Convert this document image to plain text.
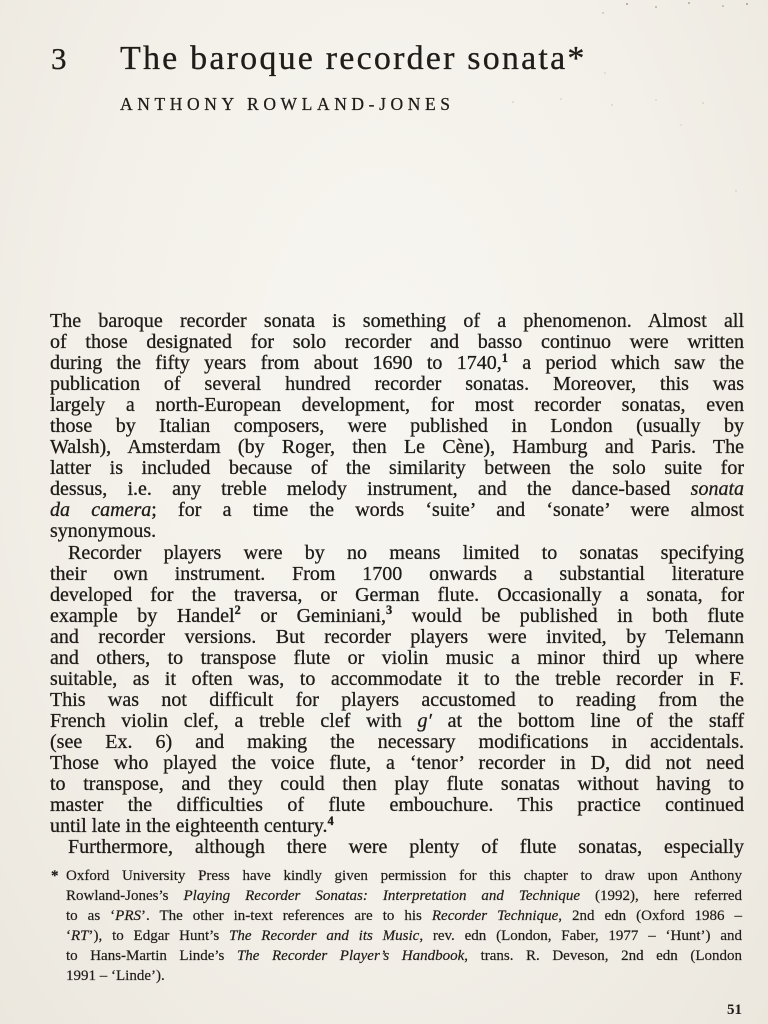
3 The baroque recorder sonata*
ANTHONY ROWLAND-JONES
The baroque recorder sonata is something of a phenomenon. Almost all
of those designated for solo recorder and basso continuo were written
during the fifty years from about 1690 to 1740,$^1$ a period which saw the
publication of several hundred recorder sonatas. Moreover, this was
largely a north-European development, for most recorder sonatas, even
those by Italian composers, were published in London (usually by
Walsh), Amsterdam (by Roger, then Le Cène), Hamburg and Paris. The
latter is included because of the similarity between the solo suite for
dessus, i.e. any treble melody instrument, and the dance-based sonata
da camera; for a time the words ‘suite’ and ‘sonate’ were almost
synonymous.
Recorder players were by no means limited to sonatas specifying
their own instrument. From 1700 onwards a substantial literature
developed for the traversa, or German flute. Occasionally a sonata, for
example by Handel$^2$ or Geminiani,$^3$ would be published in both flute
and recorder versions. But recorder players were invited, by Telemann
and others, to transpose flute or violin music a minor third up where
suitable, as it often was, to accommodate it to the treble recorder in F.
This was not difficult for players accustomed to reading from the
French violin clef, a treble clef with g′ at the bottom line of the staff
(see Ex. 6) and making the necessary modifications in accidentals.
Those who played the voice flute, a ‘tenor’ recorder in D, did not need
to transpose, and they could then play flute sonatas without having to
master the difficulties of flute embouchure. This practice continued
until late in the eighteenth century.$^4$
Furthermore, although there were plenty of flute sonatas, especially
* Oxford University Press have kindly given permission for this chapter to draw upon Anthony
Rowland-Jones’s Playing Recorder Sonatas: Interpretation and Technique (1992), here referred
to as ‘PRS’. The other in-text references are to his Recorder Technique, 2nd edn (Oxford 1986 –
‘RT’), to Edgar Hunt’s The Recorder and its Music, rev. edn (London, Faber, 1977 – ‘Hunt’) and
to Hans-Martin Linde’s The Recorder Player’s Handbook, trans. R. Deveson, 2nd edn (London
1991 – ‘Linde’).
51
